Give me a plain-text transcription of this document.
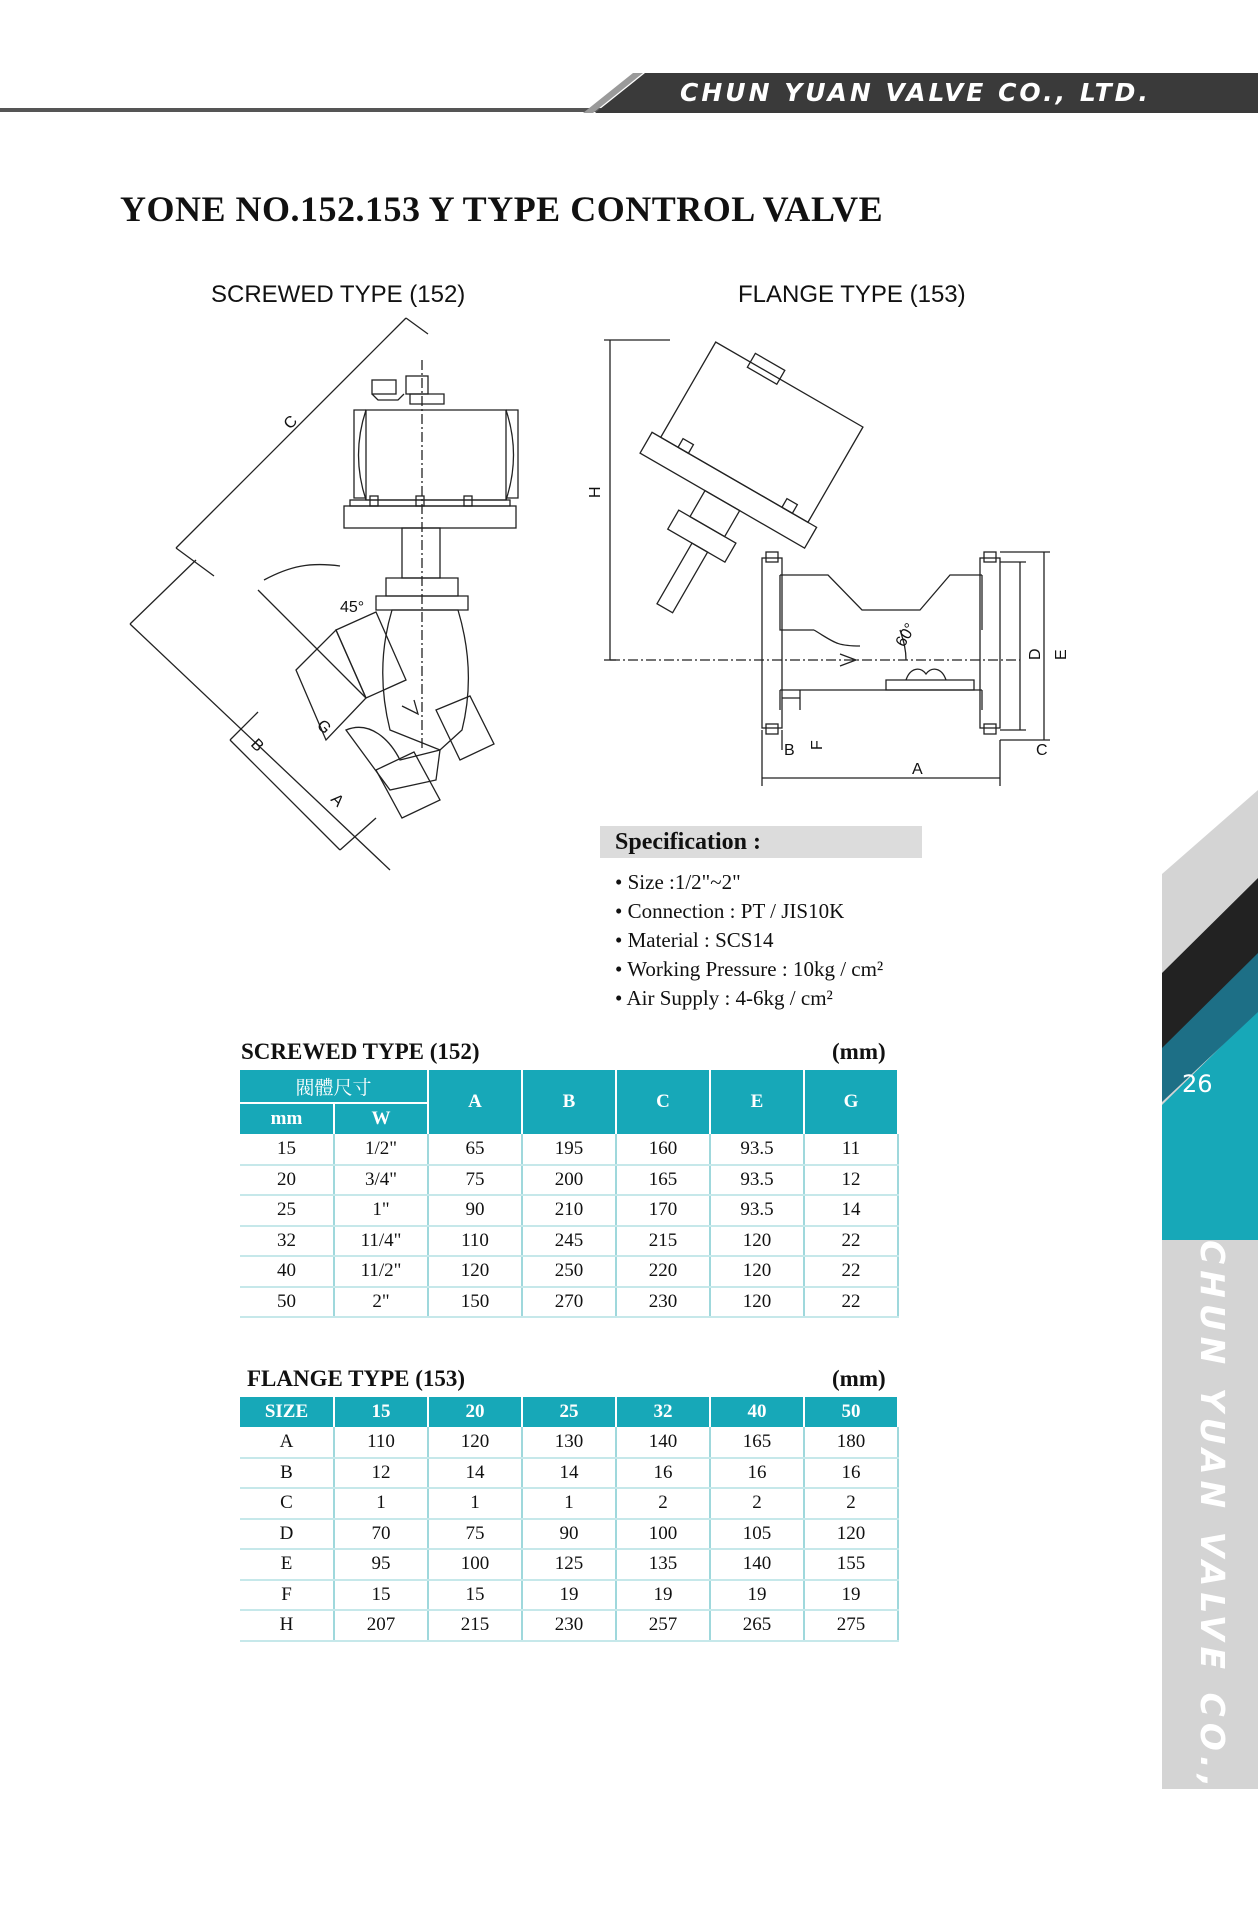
CHUN YUAN VALVE CO., LTD.
26
CHUN YUAN VALVE CO., LTD.
YONE NO.152.153 Y TYPE CONTROL VALVE
SCREWED TYPE (152)	FLANGE TYPE (153)
C
B
A
G
45°
H
D E
A
B	C
F
60°
Specification :
• Size :1/2"~2"
• Connection : PT / JIS10K
• Material : SCS14
• Working Pressure : 10kg / cm²
• Air Supply : 4-6kg / cm²
SCREWED TYPE (152)	(mm)
閥體尺寸		A	B	C	E	G
mm	W					
15	1/2"	65	195	160	93.5	11
20	3/4"	75	200	165	93.5	12
25	1"	90	210	170	93.5	14
32	11/4"	110	245	215	120	22
40	11/2"	120	250	220	120	22
50	2"	150	270	230	120	22
FLANGE TYPE (153)	(mm)
SIZE	15	20	25	32	40	50
A	110	120	130	140	165	180
B	12	14	14	16	16	16
C	1	1	1	2	2	2
D	70	75	90	100	105	120
E	95	100	125	135	140	155
F	15	15	19	19	19	19
H	207	215	230	257	265	275
